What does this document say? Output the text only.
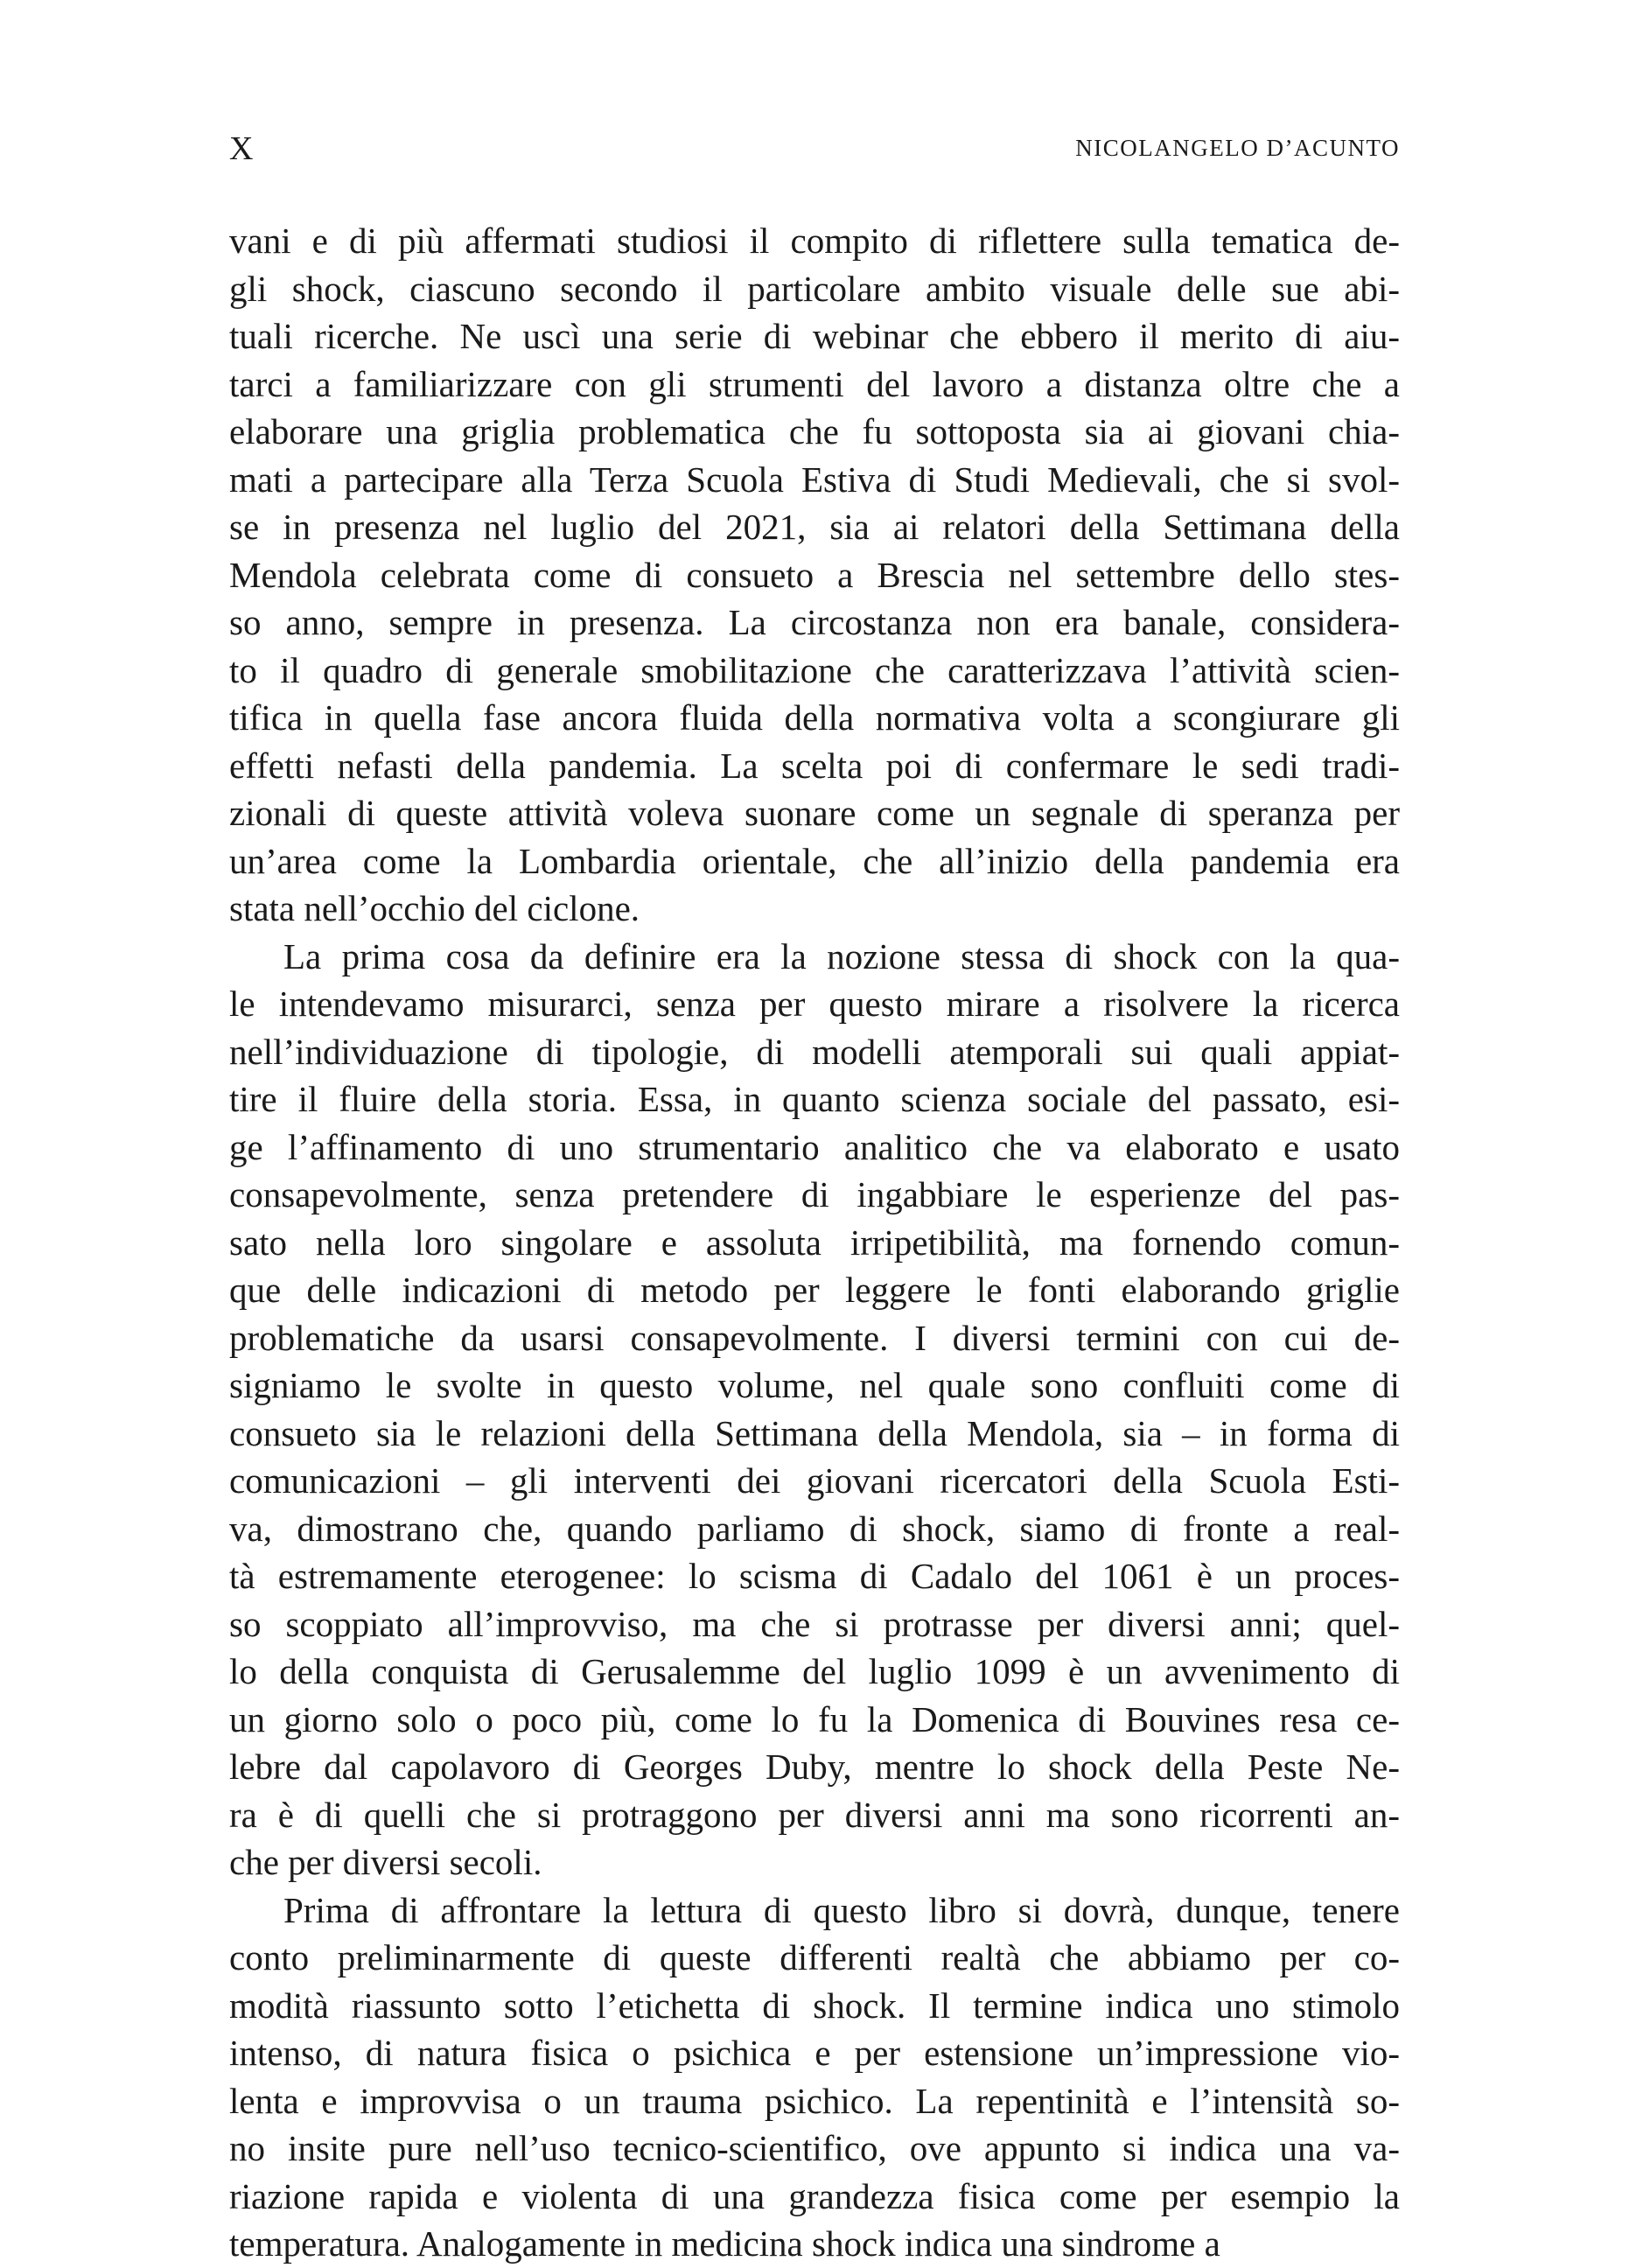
X	NICOLANGELO D’ACUNTO
vani e di più affermati studiosi il compito di riflettere sulla tematica de-
gli shock, ciascuno secondo il particolare ambito visuale delle sue abi-
tuali ricerche. Ne uscì una serie di webinar che ebbero il merito di aiu-
tarci a familiarizzare con gli strumenti del lavoro a distanza oltre che a
elaborare una griglia problematica che fu sottoposta sia ai giovani chia-
mati a partecipare alla Terza Scuola Estiva di Studi Medievali, che si svol-
se in presenza nel luglio del 2021, sia ai relatori della Settimana della
Mendola celebrata come di consueto a Brescia nel settembre dello stes-
so anno, sempre in presenza. La circostanza non era banale, considera-
to il quadro di generale smobilitazione che caratterizzava l’attività scien-
tifica in quella fase ancora fluida della normativa volta a scongiurare gli
effetti nefasti della pandemia. La scelta poi di confermare le sedi tradi-
zionali di queste attività voleva suonare come un segnale di speranza per
un’area come la Lombardia orientale, che all’inizio della pandemia era
stata nell’occhio del ciclone.
La prima cosa da definire era la nozione stessa di shock con la qua-
le intendevamo misurarci, senza per questo mirare a risolvere la ricerca
nell’individuazione di tipologie, di modelli atemporali sui quali appiat-
tire il fluire della storia. Essa, in quanto scienza sociale del passato, esi-
ge l’affinamento di uno strumentario analitico che va elaborato e usato
consapevolmente, senza pretendere di ingabbiare le esperienze del pas-
sato nella loro singolare e assoluta irripetibilità, ma fornendo comun-
que delle indicazioni di metodo per leggere le fonti elaborando griglie
problematiche da usarsi consapevolmente. I diversi termini con cui de-
signiamo le svolte in questo volume, nel quale sono confluiti come di
consueto sia le relazioni della Settimana della Mendola, sia – in forma di
comunicazioni – gli interventi dei giovani ricercatori della Scuola Esti-
va, dimostrano che, quando parliamo di shock, siamo di fronte a real-
tà estremamente eterogenee: lo scisma di Cadalo del 1061 è un proces-
so scoppiato all’improvviso, ma che si protrasse per diversi anni; quel-
lo della conquista di Gerusalemme del luglio 1099 è un avvenimento di
un giorno solo o poco più, come lo fu la Domenica di Bouvines resa ce-
lebre dal capolavoro di Georges Duby, mentre lo shock della Peste Ne-
ra è di quelli che si protraggono per diversi anni ma sono ricorrenti an-
che per diversi secoli.
Prima di affrontare la lettura di questo libro si dovrà, dunque, tenere
conto preliminarmente di queste differenti realtà che abbiamo per co-
modità riassunto sotto l’etichetta di shock. Il termine indica uno stimolo
intenso, di natura fisica o psichica e per estensione un’impressione vio-
lenta e improvvisa o un trauma psichico. La repentinità e l’intensità so-
no insite pure nell’uso tecnico-scientifico, ove appunto si indica una va-
riazione rapida e violenta di una grandezza fisica come per esempio la
temperatura. Analogamente in medicina shock indica una sindrome a
